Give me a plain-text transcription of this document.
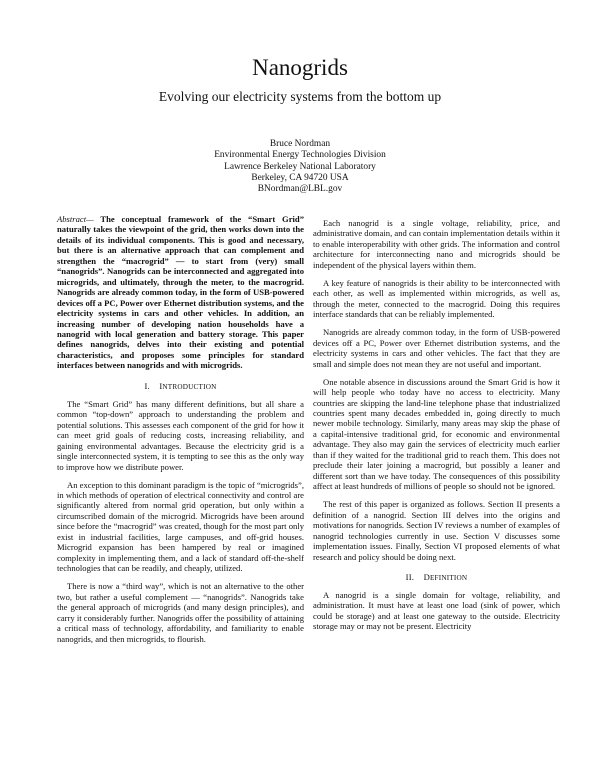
Nanogrids
Evolving our electricity systems from the bottom up
Bruce Nordman
Environmental Energy Technologies Division
Lawrence Berkeley National Laboratory
Berkeley, CA 94720 USA
BNordman@LBL.gov

Abstract— The conceptual framework of the “Smart Grid” naturally takes the viewpoint of the grid, then works down into the details of its individual components. This is good and necessary, but there is an alternative approach that can complement and strengthen the “macrogrid” — to start from (very) small “nanogrids”. Nanogrids can be interconnected and aggregated into microgrids, and ultimately, through the meter, to the macrogrid. Nanogrids are already common today, in the form of USB-powered devices off a PC, Power over Ethernet distribution systems, and the electricity systems in cars and other vehicles. In addition, an increasing number of developing nation households have a nanogrid with local generation and battery storage. This paper defines nanogrids, delves into their existing and potential characteristics, and proposes some principles for standard interfaces between nanogrids and with microgrids.

I. INTRODUCTION

The “Smart Grid” has many different definitions, but all share a common “top-down” approach to understanding the problem and potential solutions. This assesses each component of the grid for how it can meet grid goals of reducing costs, increasing reliability, and gaining environmental advantages. Because the electricity grid is a single interconnected system, it is tempting to see this as the only way to improve how we distribute power.

An exception to this dominant paradigm is the topic of “microgrids”, in which methods of operation of electrical connectivity and control are significantly altered from normal grid operation, but only within a circumscribed domain of the microgrid. Microgrids have been around since before the “macrogrid” was created, though for the most part only exist in industrial facilities, large campuses, and off-grid houses. Microgrid expansion has been hampered by real or imagined complexity in implementing them, and a lack of standard off-the-shelf technologies that can be readily, and cheaply, utilized.

There is now a “third way”, which is not an alternative to the other two, but rather a useful complement — “nanogrids”. Nanogrids take the general approach of microgrids (and many design principles), and carry it considerably further. Nanogrids offer the possibility of attaining a critical mass of technology, affordability, and familiarity to enable nanogrids, and then microgrids, to flourish.

Each nanogrid is a single voltage, reliability, price, and administrative domain, and can contain implementation details within it to enable interoperability with other grids. The information and control architecture for interconnecting nano and microgrids should be independent of the physical layers within them.

A key feature of nanogrids is their ability to be interconnected with each other, as well as implemented within microgrids, as well as, through the meter, connected to the macrogrid. Doing this requires interface standards that can be reliably implemented.

Nanogrids are already common today, in the form of USB-powered devices off a PC, Power over Ethernet distribution systems, and the electricity systems in cars and other vehicles. The fact that they are small and simple does not mean they are not useful and important.

One notable absence in discussions around the Smart Grid is how it will help people who today have no access to electricity. Many countries are skipping the land-line telephone phase that industrialized countries spent many decades embedded in, going directly to much newer mobile technology. Similarly, many areas may skip the phase of a capital-intensive traditional grid, for economic and environmental advantage. They also may gain the services of electricity much earlier than if they waited for the traditional grid to reach them. This does not preclude their later joining a macrogrid, but possibly a leaner and different sort than we have today. The consequences of this possibility affect at least hundreds of millions of people so should not be ignored.

The rest of this paper is organized as follows. Section II presents a definition of a nanogrid. Section III delves into the origins and motivations for nanogrids. Section IV reviews a number of examples of nanogrid technologies currently in use. Section V discusses some implementation issues. Finally, Section VI proposed elements of what research and policy should be doing next.

II. DEFINITION

A nanogrid is a single domain for voltage, reliability, and administration. It must have at least one load (sink of power, which could be storage) and at least one gateway to the outside. Electricity storage may or may not be present. Electricity
